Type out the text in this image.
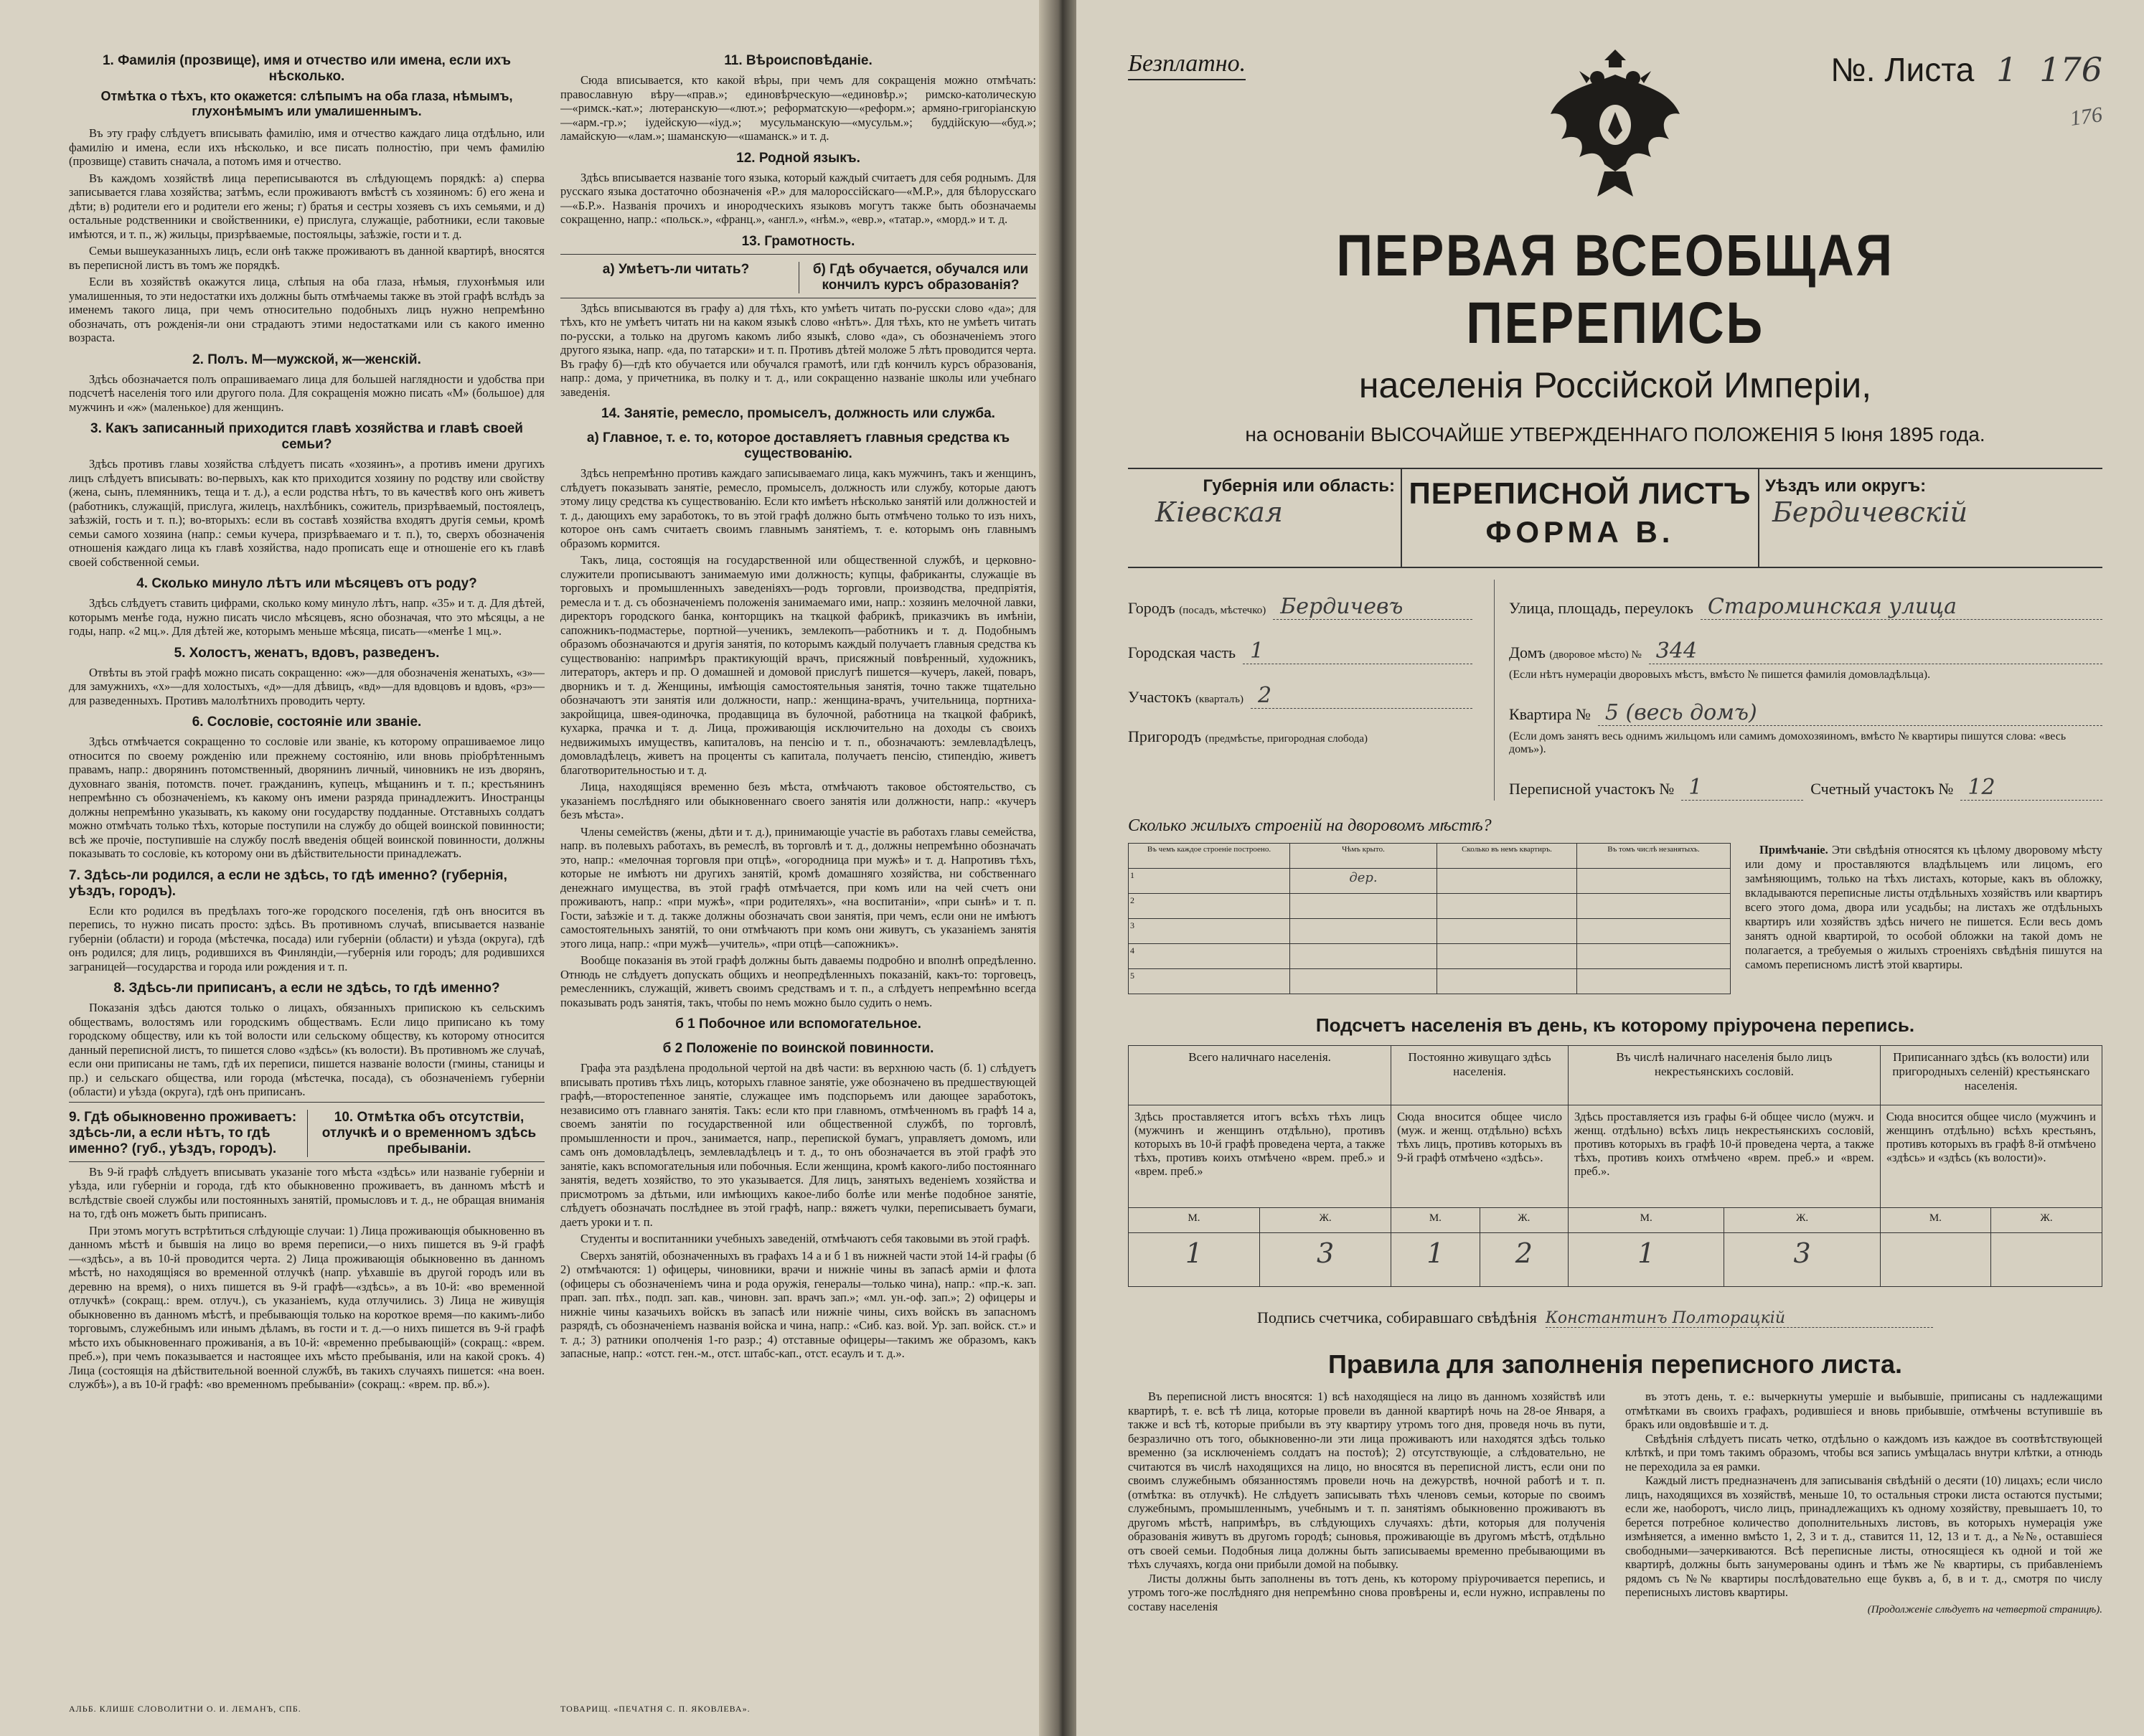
1. Фамилія (прозвище), имя и отчество или имена, если ихъ нѣсколько.
Отмѣтка о тѣхъ, кто окажется: слѣпымъ на оба глаза, нѣмымъ, глухонѣмымъ или умалишеннымъ.

Въ эту графу слѣдуетъ вписывать фамилію, имя и отчество каждаго лица отдѣльно, или фамилію и имена, если ихъ нѣсколько, и все писать полностію, при чемъ фамилію (прозвище) ставить сначала, а потомъ имя и отчество.

Въ каждомъ хозяйствѣ лица переписываются въ слѣдующемъ порядкѣ: а) сперва записывается глава хозяйства; затѣмъ, если проживаютъ вмѣстѣ съ хозяиномъ: б) его жена и дѣти; в) родители его и родители его жены; г) братья и сестры хозяевъ съ ихъ семьями, и д) остальные родственники и свойственники, е) прислуга, служащіе, работники, если таковые имѣются, и т. п., ж) жильцы, призрѣваемые, постояльцы, заѣзжіе, гости и т. д.

Семьи вышеуказанныхъ лицъ, если онѣ также проживаютъ въ данной квартирѣ, вносятся въ переписной листъ въ томъ же порядкѣ.

Если въ хозяйствѣ окажутся лица, слѣпыя на оба глаза, нѣмыя, глухонѣмыя или умалишенныя, то эти недостатки ихъ должны быть отмѣчаемы также въ этой графѣ вслѣдъ за именемъ такого лица, при чемъ относительно подобныхъ лицъ нужно непремѣнно обозначать, отъ рожденія-ли они страдаютъ этими недостатками или съ какого именно возраста.

2. Полъ. М—мужской, ж—женскій.

Здѣсь обозначается полъ опрашиваемаго лица для большей наглядности и удобства при подсчетѣ населенія того или другого пола. Для сокращенія можно писать «М» (большое) для мужчинъ и «ж» (маленькое) для женщинъ.

3. Какъ записанный приходится главѣ хозяйства и главѣ своей семьи?

Здѣсь противъ главы хозяйства слѣдуетъ писать «хозяинъ», а противъ имени другихъ лицъ слѣдуетъ вписывать: во-первыхъ, как кто приходится хозяину по родству или свойству (жена, сынъ, племянникъ, теща и т. д.), а если родства нѣтъ, то въ качествѣ кого онъ живетъ (работникъ, служащій, прислуга, жилецъ, нахлѣбникъ, сожитель, призрѣваемый, постоялецъ, заѣзжій, гость и т. п.); во-вторыхъ: если въ составѣ хозяйства входятъ другія семьи, кромѣ семьи самого хозяина (напр.: семьи кучера, призрѣваемаго и т. п.), то, сверхъ обозначенія отношенія каждаго лица къ главѣ хозяйства, надо прописать еще и отношеніе его къ главѣ своей собственной семьи.

4. Сколько минуло лѣтъ или мѣсяцевъ отъ роду?

Здѣсь слѣдуетъ ставить цифрами, сколько кому минуло лѣтъ, напр. «35» и т. д. Для дѣтей, которымъ менѣе года, нужно писать число мѣсяцевъ, ясно обозначая, что это мѣсяцы, а не годы, напр. «2 мц.». Для дѣтей же, которымъ меньше мѣсяца, писать—«менѣе 1 мц.».

5. Холостъ, женатъ, вдовъ, разведенъ.

Отвѣты въ этой графѣ можно писать сокращенно: «ж»—для обозначенія женатыхъ, «з»—для замужнихъ, «х»—для холостыхъ, «д»—для дѣвицъ, «вд»—для вдовцовъ и вдовъ, «рз»—для разведенныхъ. Противъ малолѣтнихъ проводить черту.

6. Сословіе, состояніе или званіе.

Здѣсь отмѣчается сокращенно то сословіе или званіе, къ которому опрашиваемое лицо относится по своему рожденію или прежнему состоянію, или вновь пріобрѣтеннымъ правамъ, напр.: дворянинъ потомственный, дворянинъ личный, чиновникъ не изъ дворянъ, духовнаго званія, потомств. почет. гражданинъ, купецъ, мѣщанинъ и т. п.; крестьянинъ непремѣнно съ обозначеніемъ, къ какому онъ имени разряда принадлежитъ. Иностранцы должны непремѣнно указывать, къ какому они государству подданные. Отставныхъ солдатъ можно отмѣчать только тѣхъ, которые поступили на службу до общей воинской повинности; всѣ же прочіе, поступившіе на службу послѣ введенія общей воинской повинности, должны показывать то сословіе, къ которому они въ дѣйствительности принадлежатъ.

7. Здѣсь-ли родился, а если не здѣсь, то гдѣ именно? (губернія, уѣздъ, городъ).

Если кто родился въ предѣлахъ того-же городского поселенія, гдѣ онъ вносится въ перепись, то нужно писать просто: здѣсь. Въ противномъ случаѣ, вписывается названіе губерніи (области) и города (мѣстечка, посада) или губерніи (области) и уѣзда (округа), гдѣ онъ родился; для лицъ, родившихся въ Финляндіи,—губернія или городъ; для родившихся заграницей—государства и города или рождения и т. п.

8. Здѣсь-ли приписанъ, а если не здѣсь, то гдѣ именно?

Показанія здѣсь даются только о лицахъ, обязанныхъ припискою къ сельскимъ обществамъ, волостямъ или городскимъ обществамъ. Если лицо приписано къ тому городскому обществу, или къ той волости или сельскому обществу, къ которому относится данный переписной листъ, то пишется слово «здѣсь» (къ волости). Въ противномъ же случаѣ, если они приписаны не тамъ, гдѣ их переписи, пишется названіе волости (гмины, станицы и пр.) и сельскаго общества, или города (мѣстечка, посада), съ обозначеніемъ губерніи (области) и уѣзда (округа), гдѣ онъ приписанъ.

9. Гдѣ обыкновенно проживаетъ: здѣсь-ли, а если нѣтъ, то гдѣ именно? (губ., уѣздъ, городъ).
10. Отмѣтка объ отсутствіи, отлучкѣ и о временномъ здѣсь пребываніи.

Въ 9-й графѣ слѣдуетъ вписывать указаніе того мѣста «здѣсь» или названіе губерніи и уѣзда, или губерніи и города, гдѣ кто обыкновенно проживаетъ, въ данномъ мѣстѣ и вслѣдствіе своей службы или постоянныхъ занятій, промысловъ и т. д., не обращая вниманія на то, гдѣ онъ можетъ быть приписанъ.

При этомъ могутъ встрѣтиться слѣдующіе случаи: 1) Лица проживающія обыкновенно въ данномъ мѣстѣ и бывшія на лицо во время переписи,—о нихъ пишется въ 9-й графѣ—«здѣсь», а въ 10-й проводится черта. 2) Лица проживающія обыкновенно въ данномъ мѣстѣ, но находящіяся во временной отлучкѣ (напр. уѣхавшіе въ другой городъ или въ деревню на время), о нихъ пишется въ 9-й графѣ—«здѣсь», а въ 10-й: «во временной отлучкѣ» (сокращ.: врем. отлуч.), съ указаніемъ, куда отлучились. 3) Лица не живущія обыкновенно въ данномъ мѣстѣ, и пребывающія только на короткое время—по какимъ-либо торговымъ, служебнымъ или инымъ дѣламъ, въ гости и т. д.—о нихъ пишется въ 9-й графѣ мѣсто ихъ обыкновеннаго проживанія, а въ 10-й: «временно пребывающій» (сокращ.: «врем. преб.»), при чемъ показывается и настоящее ихъ мѣсто пребыванія, или на какой срокъ. 4) Лица (состоящія на дѣйствительной военной службѣ, въ такихъ случаяхъ пишется: «на воен. службѣ»), а въ 10-й графѣ: «во временномъ пребываніи» (сокращ.: «врем. пр. вб.»).

АЛЬБ. КЛИШЕ СЛОВОЛИТНИ О. И. ЛЕМАНЪ, СПБ.
11. Вѣроисповѣданіе.

Сюда вписывается, кто какой вѣры, при чемъ для сокращенія можно отмѣчать: православную вѣру—«прав.»; единовѣрческую—«единовѣр.»; римско-католическую—«римск.-кат.»; лютеранскую—«лют.»; реформатскую—«реформ.»; армяно-григоріанскую—«арм.-гр.»; іудейскую—«іуд.»; мусульманскую—«мусульм.»; буддійскую—«буд.»; ламайскую—«лам.»; шаманскую—«шаманск.» и т. д.

12. Родной языкъ.

Здѣсь вписывается названіе того языка, который каждый считаетъ для себя роднымъ. Для русскаго языка достаточно обозначенія «Р.» для малороссійскаго—«М.Р.», для бѣлорусскаго—«Б.Р.». Названія прочихъ и инородческихъ языковъ могутъ также быть обозначаемы сокращенно, напр.: «польск.», «франц.», «англ.», «нѣм.», «евр.», «татар.», «морд.» и т. д.

13. Грамотность.
а) Умѣетъ-ли читать?	б) Гдѣ обучается, обучался или кончилъ курсъ образованія?

Здѣсь вписываются въ графу а) для тѣхъ, кто умѣетъ читать по-русски слово «да»; для тѣхъ, кто не умѣетъ читать ни на каком языкѣ слово «нѣтъ». Для тѣхъ, кто не умѣетъ читать по-русски, а только на другомъ какомъ либо языкѣ, слово «да», съ обозначеніемъ этого другого языка, напр. «да, по татарски» и т. п. Противъ дѣтей моложе 5 лѣтъ проводится черта. Въ графу б)—гдѣ кто обучается или обучался грамотѣ, или гдѣ кончилъ курсъ образованія, напр.: дома, у причетника, въ полку и т. д., или сокращенно названіе школы или учебнаго заведенія.

14. Занятіе, ремесло, промыселъ, должность или служба.
а) Главное, т. е. то, которое доставляетъ главныя средства къ существованію.

Здѣсь непремѣнно противъ каждаго записываемаго лица, какъ мужчинъ, такъ и женщинъ, слѣдуетъ показывать занятіе, ремесло, промыселъ, должность или службу, которые даютъ этому лицу средства къ существованію. Если кто имѣетъ нѣсколько занятій или должностей и т. д., дающихъ ему заработокъ, то въ этой графѣ должно быть отмѣчено только то изъ нихъ, которое онъ самъ считаетъ своимъ главнымъ занятіемъ, т. е. которымъ онъ главнымъ образомъ кормится.

Такъ, лица, состоящія на государственной или общественной службѣ, и церковно-служители прописываютъ занимаемую ими должность; купцы, фабриканты, служащіе въ торговыхъ и промышленныхъ заведеніяхъ—родъ торговли, производства, предпріятія, ремесла и т. д. съ обозначеніемъ положенія занимаемаго ими, напр.: хозяинъ мелочной лавки, директоръ городского банка, конторщикъ на ткацкой фабрикѣ, приказчикъ въ имѣніи, сапожникъ-подмастерье, портной—ученикъ, землекопъ—работникъ и т. д. Подобнымъ образомъ обозначаются и другія занятія, по которымъ каждый получаетъ главныя средства къ существованію: напримѣръ практикующій врачъ, присяжный повѣренный, художникъ, литераторъ, актеръ и пр. О домашней и домовой прислугѣ пишется—кучеръ, лакей, поваръ, дворникъ и т. д. Женщины, имѣющія самостоятельныя занятія, точно также тщательно обозначаютъ эти занятія или должности, напр.: женщина-врачъ, учительница, портниха-закройщица, швея-одиночка, продавщица въ булочной, работница на ткацкой фабрикѣ, кухарка, прачка и т. д. Лица, проживающія исключительно на доходы съ своихъ недвижимыхъ имуществъ, капиталовъ, на пенсію и т. п., обозначаютъ: землевладѣлецъ, домовладѣлецъ, живетъ на проценты съ капитала, получаетъ пенсію, стипендію, живетъ благотворительностью и т. д.

Лица, находящіяся временно безъ мѣста, отмѣчаютъ таковое обстоятельство, съ указаніемъ послѣдняго или обыкновеннаго своего занятія или должности, напр.: «кучеръ безъ мѣста».

Члены семействъ (жены, дѣти и т. д.), принимающіе участіе въ работахъ главы семейства, напр. въ полевыхъ работахъ, въ ремеслѣ, въ торговлѣ и т. д., должны непремѣнно обозначать это, напр.: «мелочная торговля при отцѣ», «огородница при мужѣ» и т. д. Напротивъ тѣхъ, которые не имѣютъ ни другихъ занятій, кромѣ домашняго хозяйства, ни собственнаго денежнаго имущества, въ этой графѣ отмѣчается, при комъ или на чей счетъ они проживаютъ, напр.: «при мужѣ», «при родителяхъ», «на воспитаніи», «при сынѣ» и т. п. Гости, заѣзжіе и т. д. также должны обозначать свои занятія, при чемъ, если они не имѣютъ самостоятельныхъ занятій, то они отмѣчаютъ при комъ они живутъ, съ указаніемъ занятія этого лица, напр.: «при мужѣ—учитель», «при отцѣ—сапожникъ».

Вообще показанія въ этой графѣ должны быть даваемы подробно и вполнѣ опредѣленно. Отнюдь не слѣдуетъ допускать общихъ и неопредѣленныхъ показаній, какъ-то: торговецъ, ремесленникъ, служащій, живетъ своимъ средствамъ и т. п., а слѣдуетъ непремѣнно всегда показывать родъ занятія, такъ, чтобы по немъ можно было судить о немъ.

б 1 Побочное или вспомогательное.
б 2 Положеніе по воинской повинности.

Графа эта раздѣлена продольной чертой на двѣ части: въ верхнюю часть (б. 1) слѣдуетъ вписывать противъ тѣхъ лицъ, которыхъ главное занятіе, уже обозначено въ предшествующей графѣ,—второстепенное занятіе, служащее имъ подспорьемъ или дающее заработокъ, независимо отъ главнаго занятія. Такъ: если кто при главномъ, отмѣченномъ въ графѣ 14 а, своемъ занятіи по государственной или общественной службѣ, по торговлѣ, промышленности и проч., занимается, напр., перепиской бумагъ, управляетъ домомъ, или самъ онъ домовладѣлецъ, землевладѣлецъ и т. д., то онъ обозначается въ этой графѣ это занятіе, какъ вспомогательныя или побочныя. Если женщина, кромѣ какого-либо постояннаго занятія, ведетъ хозяйство, то это указывается. Для лицъ, занятыхъ веденіемъ хозяйства и присмотромъ за дѣтьми, или имѣющихъ какое-либо болѣе или менѣе подобное занятіе, слѣдуетъ обозначать послѣднее въ этой графѣ, напр.: вяжетъ чулки, переписываетъ бумаги, даетъ уроки и т. п.

Студенты и воспитанники учебныхъ заведеній, отмѣчаютъ себя таковыми въ этой графѣ.

Сверхъ занятій, обозначенныхъ въ графахъ 14 а и б 1 въ нижней части этой 14-й графы (б 2) отмѣчаются: 1) офицеры, чиновники, врачи и нижніе чины въ запасѣ арміи и флота (офицеры съ обозначеніемъ чина и рода оружія, генералы—только чина), напр.: «пр.-к. зап. прап. зап. пѣх., подп. зап. кав., чиновн. зап. врачъ зап.»; «мл. ун.-оф. зап.»; 2) офицеры и нижніе чины казачьихъ войскъ въ запасѣ или нижніе чины, сихъ войскъ въ запасномъ разрядѣ, съ обозначеніемъ названія войска и чина, напр.: «Сиб. каз. вой. Ур. зап. войск. ст.» и т. д.; 3) ратники ополченія 1-го разр.; 4) отставные офицеры—такимъ же образомъ, какъ запасные, напр.: «отст. ген.-м., отст. штабс-кап., отст. есаулъ и т. д.».

ТОВАРИЩ. «ПЕЧАТНЯ С. П. ЯКОВЛЕВА».
Безплатно.	№. Листа 1 176
176
ПЕРВАЯ ВСЕОБЩАЯ ПЕРЕПИСЬ
населенія Россійской Имперіи,
на основаніи ВЫСОЧАЙШЕ УТВЕРЖДЕННАГО ПОЛОЖЕНІЯ 5 Іюня 1895 года.
Губернія или область:
Кіевская
ПЕРЕПИСНОЙ ЛИСТЪ
ФОРМА В.
Уѣздъ или округъ:
Бердичевскій
Городъ (посадъ, мѣстечко) Бердичевъ
Городская часть 1
Участокъ (кварталъ) 2
Пригородъ (предмѣстье, пригородная слобода)
Улица, площадь, переулокъ Староминская улица
Домъ (дворовое мѣсто) № 344
(Если нѣтъ нумераціи дворовыхъ мѣстъ, вмѣсто № пишется фамилія домовладѣльца).
Квартира № 5 (весь домъ)
(Если домъ занятъ весь однимъ жильцомъ или самимъ домохозяиномъ, вмѣсто № квартиры пишутся слова: «весь домъ»).
Переписной участокъ № 1	Счетный участокъ № 12
Сколько жилыхъ строеній на дворовомъ мѣстѣ?
Въ чемъ каждое строеніе построено.	Чѣмъ крыто.	Сколько въ немъ квартиръ.	Въ томъ числѣ незанятыхъ.
1	дер.		
2			
3			
4			
5			
Примѣчаніе. Эти свѣдѣнія относятся къ цѣлому дворовому мѣсту или дому и проставляются владѣльцемъ или лицомъ, его замѣняющимъ, только на тѣхъ листахъ, которые, какъ въ обложку, вкладываются переписные листы отдѣльныхъ хозяйствъ или квартиръ всего этого дома, двора или усадьбы; на листахъ же отдѣльныхъ квартиръ или хозяйствъ здѣсь ничего не пишется. Если весь домъ занятъ одной квартирой, то особой обложки на такой домъ не полагается, а требуемыя о жилыхъ строеніяхъ свѣдѣнія пишутся на самомъ переписномъ листѣ этой квартиры.
Подсчетъ населенія въ день, къ которому пріурочена перепись.
Всего наличнаго населенія.		Постоянно живущаго здѣсь населенія.		Въ числѣ наличнаго населенія было лицъ некрестьянскихъ сословій.		Приписаннаго здѣсь (къ волости) или пригородныхъ селеній) крестьянскаго населенія.	
Здѣсь проставляется итогъ всѣхъ тѣхъ лицъ (мужчинъ и женщинъ отдѣльно), противъ которыхъ въ 10-й графѣ проведена черта, а также тѣхъ, противъ коихъ отмѣчено «врем. преб.» и «врем. преб.»		Сюда вносится общее число (муж. и женщ. отдѣльно) всѣхъ тѣхъ лицъ, противъ которыхъ въ 9-й графѣ отмѣчено «здѣсь».		Здѣсь проставляется изъ графы 6-й общее число (мужч. и женщ. отдѣльно) всѣхъ лицъ некрестьянскихъ сословій, противъ которыхъ въ графѣ 10-й проведена черта, а также тѣхъ, противъ коихъ отмѣчено «врем. преб.» и «врем. преб.».		Сюда вносится общее число (мужчинъ и женщинъ отдѣльно) всѣхъ крестьянъ, противъ которыхъ въ графѣ 8-й отмѣчено «здѣсь» и «здѣсь (къ волости)».	
М.	Ж.	М.	Ж.	М.	Ж.	М.	Ж.
1	3	1	2	1	3		
Подпись счетчика, собиравшаго свѣдѣнія Константинъ Полторацкій
Правила для заполненія переписного листа.

Въ переписной листъ вносятся: 1) всѣ находящіеся на лицо въ данномъ хозяйствѣ или квартирѣ, т. е. всѣ тѣ лица, которые провели въ данной квартирѣ ночь на 28-ое Января, а также и всѣ тѣ, которые прибыли въ эту квартиру утромъ того дня, проведя ночь въ пути, безразлично отъ того, обыкновенно-ли эти лица проживаютъ или находятся здѣсь только временно (за исключеніемъ солдатъ на постоѣ); 2) отсутствующіе, а слѣдовательно, не считаются въ числѣ находящихся на лицо, но вносятся въ переписной листъ, если они по своимъ служебнымъ обязанностямъ провели ночь на дежурствѣ, ночной работѣ и т. п. (отмѣтка: въ отлучкѣ). Не слѣдуетъ записывать тѣхъ членовъ семьи, которые по своимъ служебнымъ, промышленнымъ, учебнымъ и т. п. занятіямъ обыкновенно проживаютъ въ другомъ мѣстѣ, напримѣръ, въ слѣдующихъ случаяхъ: дѣти, которыя для полученія образованія живутъ въ другомъ городѣ; сыновья, проживающіе въ другомъ мѣстѣ, отдѣльно отъ своей семьи. Подобныя лица должны быть записываемы временно пребывающими въ тѣхъ случаяхъ, когда они прибыли домой на побывку.

Листы должны быть заполнены въ тотъ день, къ которому пріурочивается перепись, и утромъ того-же послѣдняго дня непремѣнно снова провѣрены и, если нужно, исправлены по составу населенія

въ этотъ день, т. е.: вычеркнуты умершіе и выбывшіе, приписаны съ надлежащими отмѣтками въ своихъ графахъ, родившіеся и вновь прибывшіе, отмѣчены вступившіе въ бракъ или овдовѣвшіе и т. д.

Свѣдѣнія слѣдуетъ писать четко, отдѣльно о каждомъ изъ каждое въ соотвѣтствующей клѣткѣ, и при томъ такимъ образомъ, чтобы вся запись умѣщалась внутри клѣтки, а отнюдь не переходила за ея рамки.

Каждый листъ предназначенъ для записыванія свѣдѣній о десяти (10) лицахъ; если число лицъ, находящихся въ хозяйствѣ, меньше 10, то остальныя строки листа остаются пустыми; если же, наоборотъ, число лицъ, принадлежащихъ къ одному хозяйству, превышаетъ 10, то берется потребное количество дополнительныхъ листовъ, въ которыхъ нумерація уже измѣняется, а именно вмѣсто 1, 2, 3 и т. д., ставится 11, 12, 13 и т. д., а №№, оставшіеся свободными—зачеркиваются. Всѣ переписные листы, относящіеся къ одной и той же квартирѣ, должны быть занумерованы одинъ и тѣмъ же № квартиры, съ прибавленіемъ рядомъ съ №№ квартиры послѣдовательно еще буквъ а, б, в и т. д., смотря по числу переписныхъ листовъ квартиры.

(Продолженіе слѣдуетъ на четвертой страницѣ).
